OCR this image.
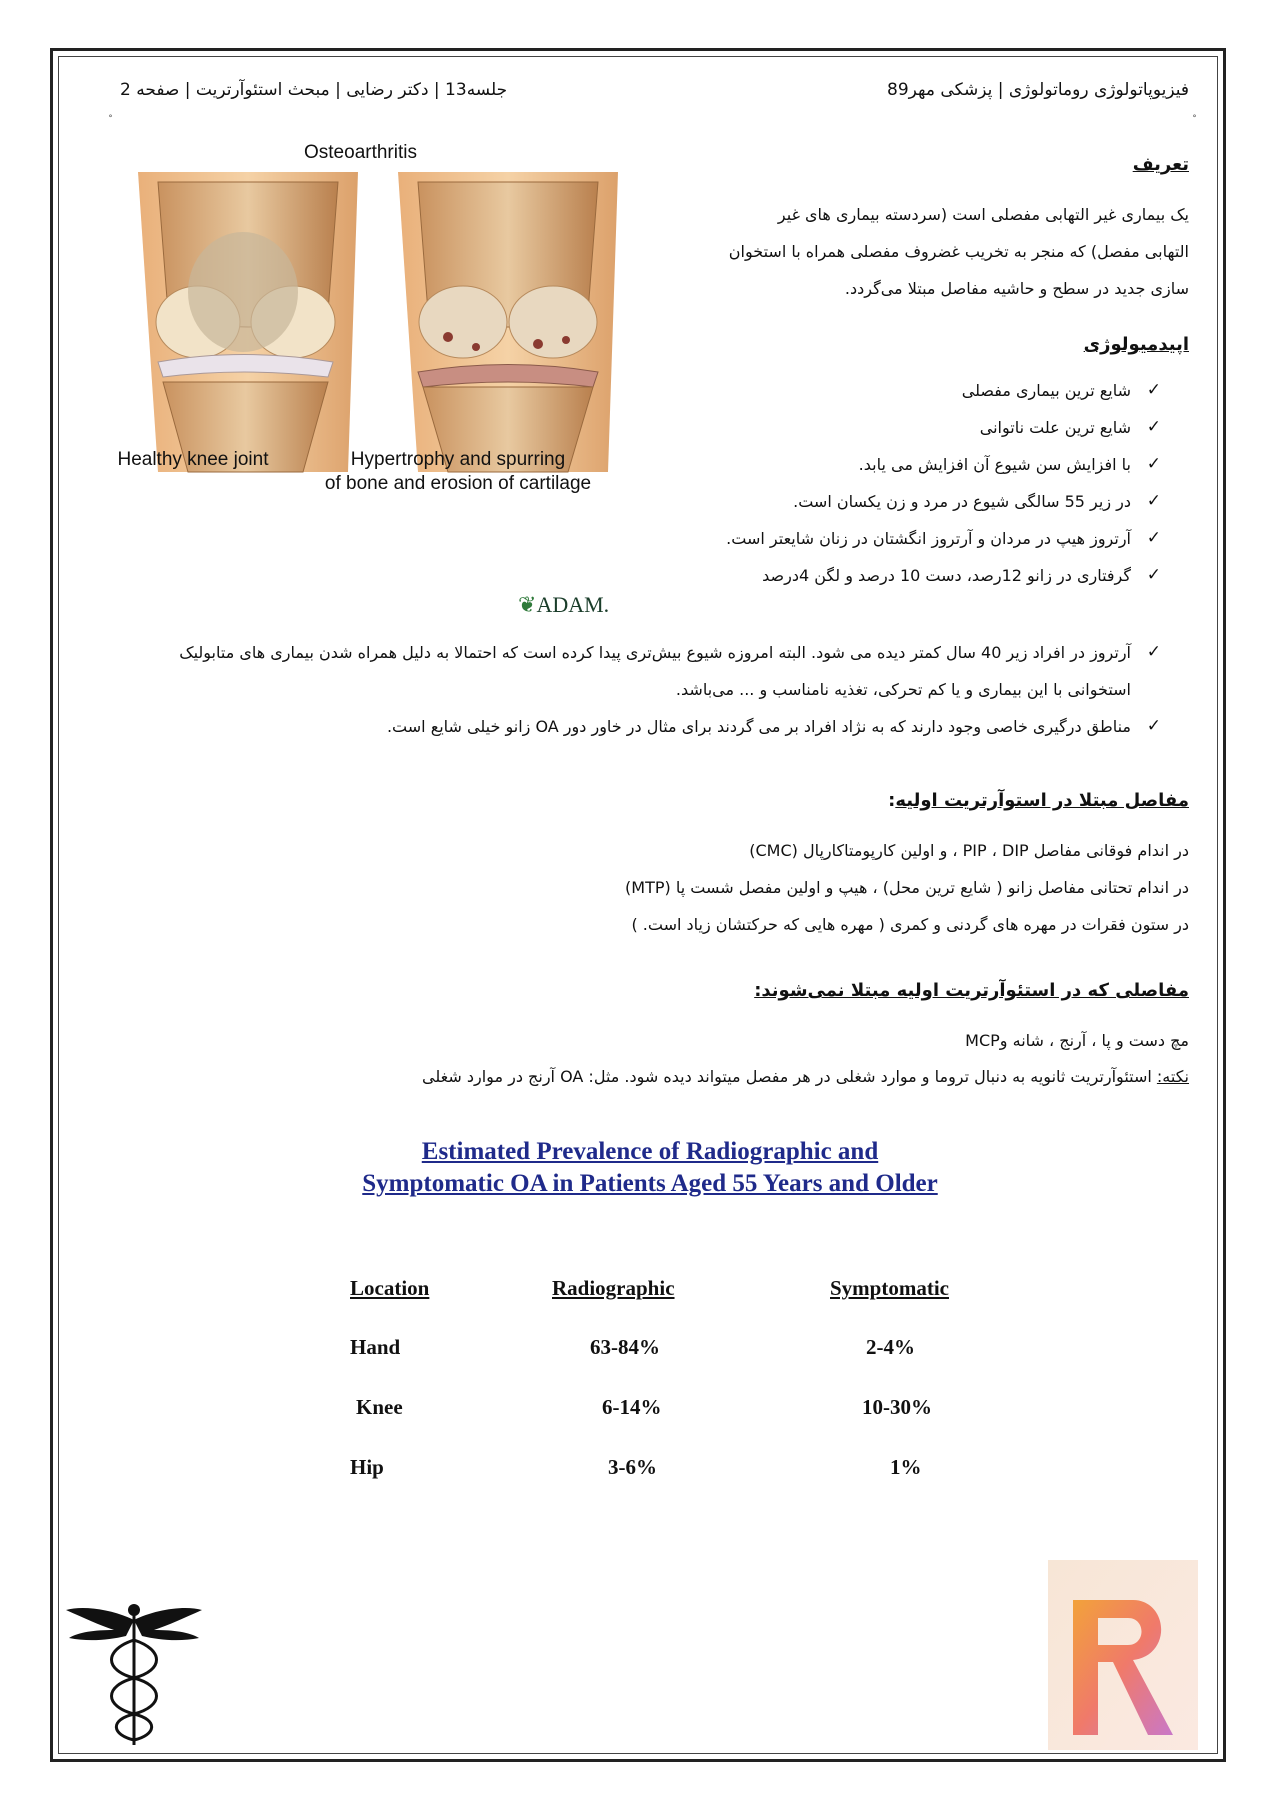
فیزیوپاتولوژی روماتولوژی | پزشکی مهر89
جلسه13 | دکتر رضایی | مبحث استئوآرتریت | صفحه 2
˚	˚
Osteoarthritis
Healthy knee joint	Hypertrophy and spurring
of bone and erosion of cartilage
❦ADAM.
تعریف
یک بیماری غیر التهابی مفصلی است (سردسته بیماری های غیر
التهابی مفصل) که منجر به تخریب غضروف مفصلی همراه با استخوان
سازی جدید در سطح و حاشیه مفاصل مبتلا می‌گردد.
اپیدمیولوژی
✓
شایع ترین بیماری مفصلی
✓
شایع ترین علت ناتوانی
✓
با افزایش سن شیوع آن افزایش می یابد.
✓
در زیر 55 سالگی شیوع در مرد و زن یکسان است.
✓
آرتروز هیپ در مردان و آرتروز انگشتان در زنان شایعتر است.
✓
گرفتاری در زانو 12رصد، دست 10 درصد و لگن 4درصد
✓
آرتروز در افراد زیر 40 سال کمتر دیده می شود. البته امروزه شیوع بیش‌تری پیدا کرده است که احتمالا به دلیل همراه شدن بیماری های متابولیک استخوانی با این بیماری و یا کم تحرکی، تغذیه نامناسب و ... می‌باشد.
✓
مناطق درگیری خاصی وجود دارند که به نژاد افراد بر می گردند برای مثال در خاور دور OA زانو خیلی شایع است.
مفاصل مبتلا در استوآرتریت اولیه:
در اندام فوقانی مفاصل PIP ، DIP ، و اولین کارپومتاکارپال (CMC)
در اندام تحتانی مفاصل زانو ( شایع ترین محل) ، هیپ و اولین مفصل شست پا (MTP)
در ستون فقرات در مهره های گردنی و کمری ( مهره هایی که حرکتشان زیاد است. )
مفاصلی که در استئوآرتریت اولیه مبتلا نمی‌شوند:
مچ دست و پا ، آرنج ، شانه وMCP
نکته: استئوآرتریت ثانویه به دنبال تروما و موارد شغلی در هر مفصل میتواند دیده شود. مثل: OA آرنج در موارد شغلی
Estimated Prevalence of Radiographic and
Symptomatic OA in Patients Aged 55 Years and Older
Location	Radiographic	Symptomatic
Hand	63-84%	2-4%
Knee	6-14%	10-30%
Hip	3-6%	1%
